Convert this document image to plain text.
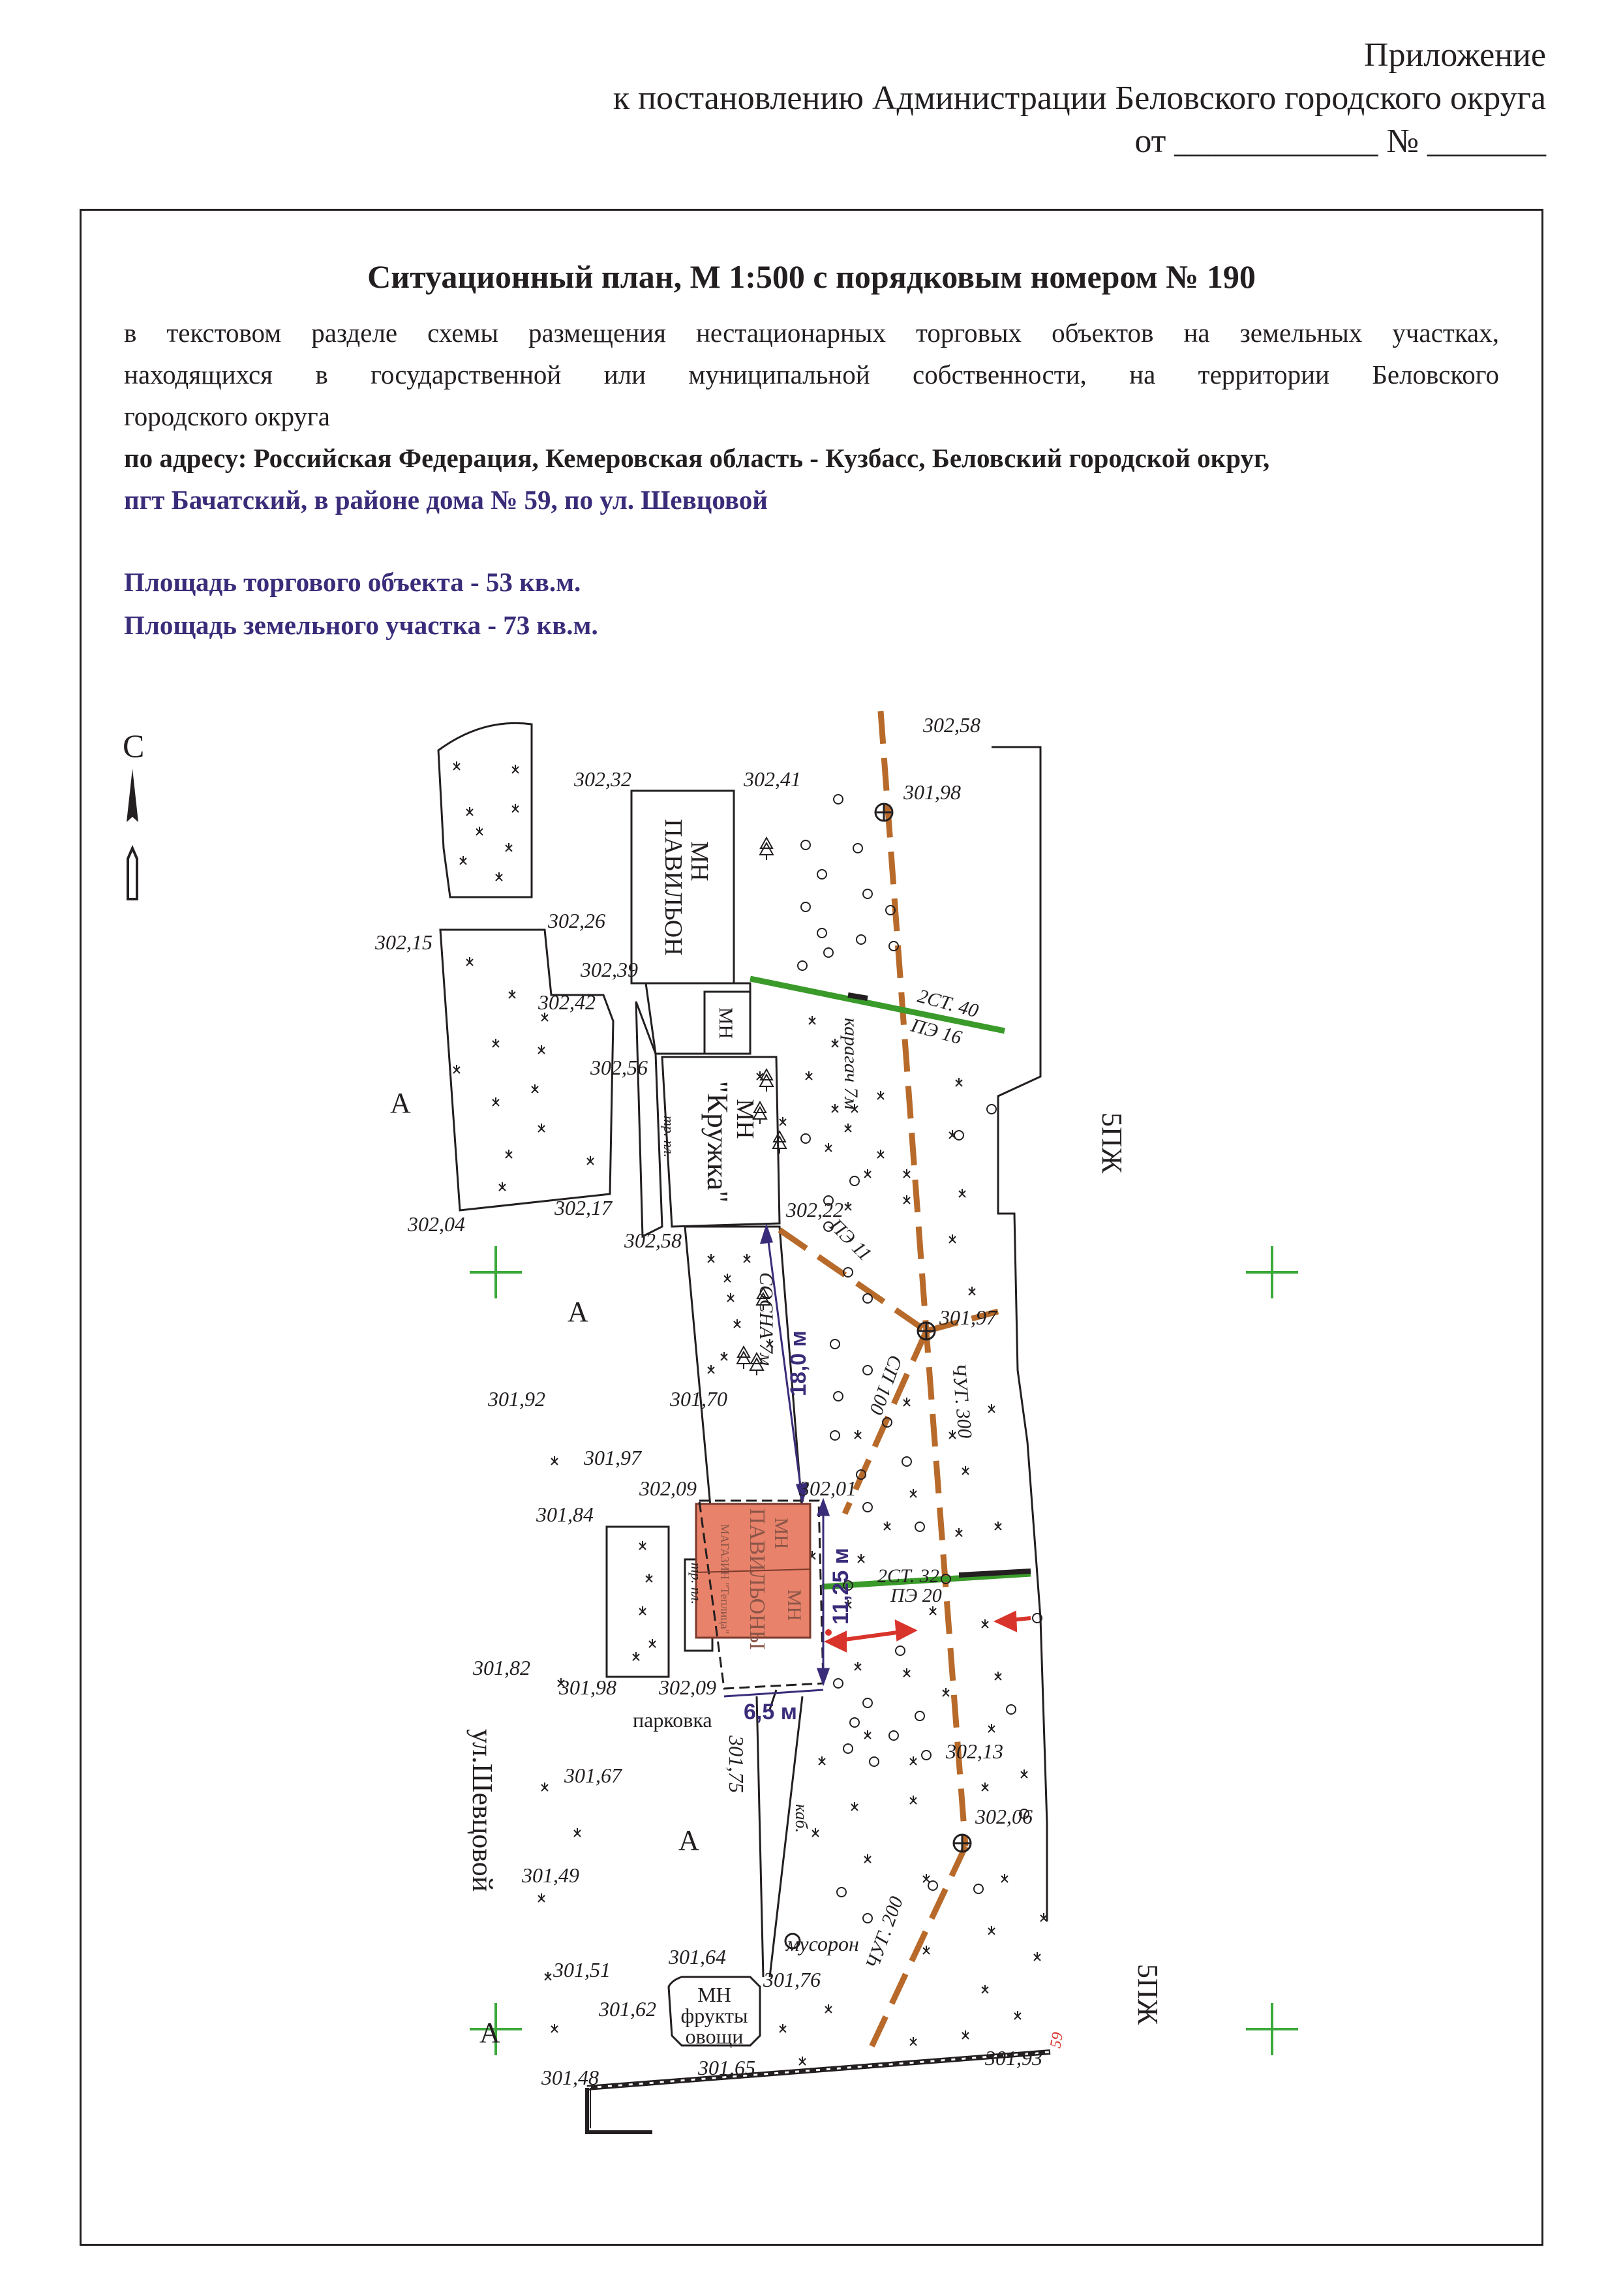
Приложение
к постановлению Администрации Беловского городского округа
от ____________ № _______
Ситуационный план, М 1:500 с порядковым номером № 190
в текстовом разделе схемы размещения нестационарных торговых объектов на земельных участках,
находящихся в государственной или муниципальной собственности, на территории Беловского
городского округа
по адресу: Российская Федерация, Кемеровская область - Кузбасс, Беловский городской округ,
пгт Бачатский, в районе дома № 59, по ул. Шевцовой
Площадь торгового объекта - 53 кв.м.
Площадь земельного участка - 73 кв.м.
С
302,58
302,32	302,41
301,98
302,26
302,15
302,39
302,42
302,56
302,17
302,04
302,58
302,22
301,97
301,92	301,70
301,97
302,09	302,01
301,84
301,82
301,98 302,09
302,13
301,67
302,06
301,49
301,51
301,64
301,76
301,62
301,65
301,48
301,93
301,75
МН
ПАВИЛЬОН
МН
МН
"Кружка"
МН
МН
ПАВИЛЬОНЫ
МАГАЗИН "Теплица"
МН
фрукты
овощи
А
А
А
А
5ПЖ
5ПЖ
ул.Шевцовой
парковка
мусорон
тр. пл.
тр. пл.
СОСНА 7м
карагач 7м
каб.
59
2СТ. 40
ПЭ 16
ПЭ 11
СП 100 ЧУГ. 300
2СТ. 32
ПЭ 20
ЧУГ. 200
18,0 м
11,25 м
6,5 м
